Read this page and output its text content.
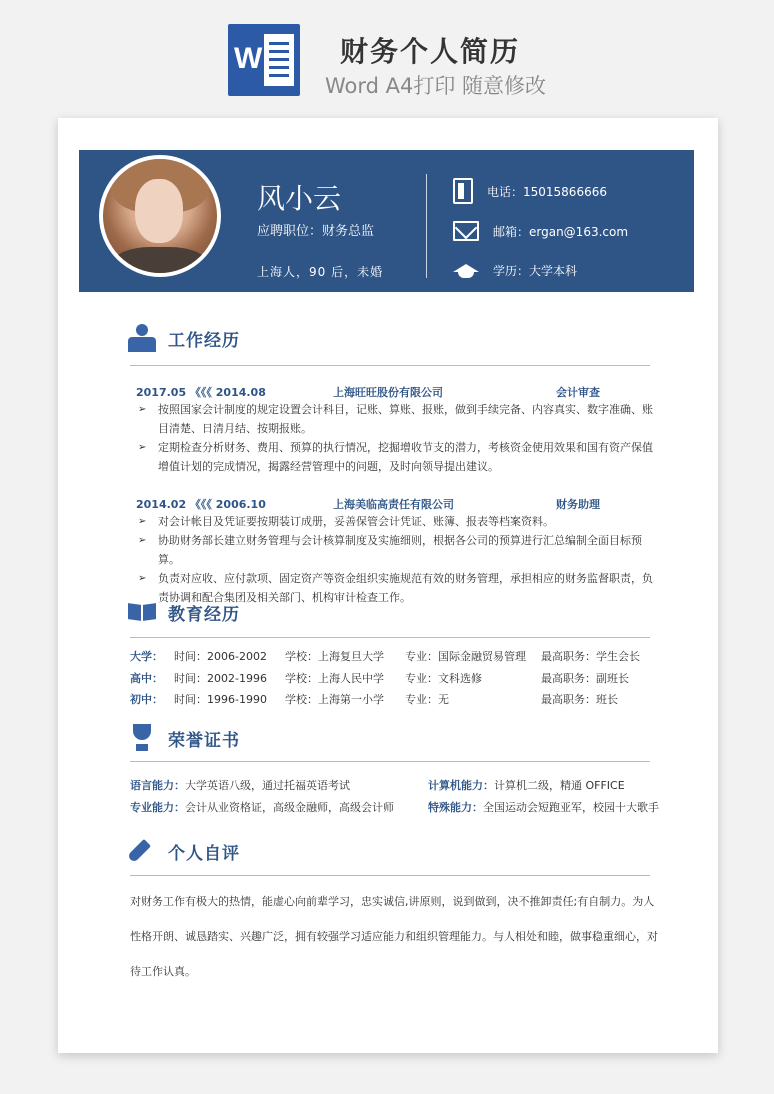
W	财务个人简历
Word A4打印 随意修改
风小云
应聘职位：财务总监
上海人，90 后，未婚
电话：15015866666
邮箱：ergan@163.com
学历：大学本科
工作经历
2017.05 《《《 2014.08	上海旺旺股份有限公司	会计审查
➢ 按照国家会计制度的规定设置会计科目，记账、算账、报账，做到手续完备、内容真实、数字准确、账目清楚、日清月结、按期报账。
➢ 定期检查分析财务、费用、预算的执行情况，挖掘增收节支的潜力，考核资金使用效果和国有资产保值增值计划的完成情况，揭露经营管理中的问题，及时向领导提出建议。
2014.02 《《《 2006.10	上海美临高责任有限公司	财务助理
➢ 对会计帐目及凭证要按期装订成册，妥善保管会计凭证、账簿、报表等档案资料。
➢ 协助财务部长建立财务管理与会计核算制度及实施细则，根据各公司的预算进行汇总编制全面目标预算。
➢ 负责对应收、应付款项、固定资产等资金组织实施规范有效的财务管理，承担相应的财务监督职责，负责协调和配合集团及相关部门、机构审计检查工作。
教育经历
大学： 时间：2006-2002 学校：上海复旦大学 专业：国际金融贸易管理 最高职务：学生会长
高中： 时间：2002-1996 学校：上海人民中学 专业：文科选修	最高职务：副班长
初中： 时间：1996-1990 学校：上海第一小学 专业：无	最高职务：班长
荣誉证书
语言能力：大学英语八级，通过托福英语考试	计算机能力：计算机二级，精通 OFFICE
专业能力：会计从业资格证，高级金融师，高级会计师	特殊能力：全国运动会短跑亚军，校园十大歌手
个人自评
对财务工作有极大的热情，能虚心向前辈学习，忠实诚信,讲原则，说到做到，决不推卸责任;有自制力。为人性格开朗、诚恳踏实、兴趣广泛，拥有较强学习适应能力和组织管理能力。与人相处和睦，做事稳重细心，对待工作认真。
